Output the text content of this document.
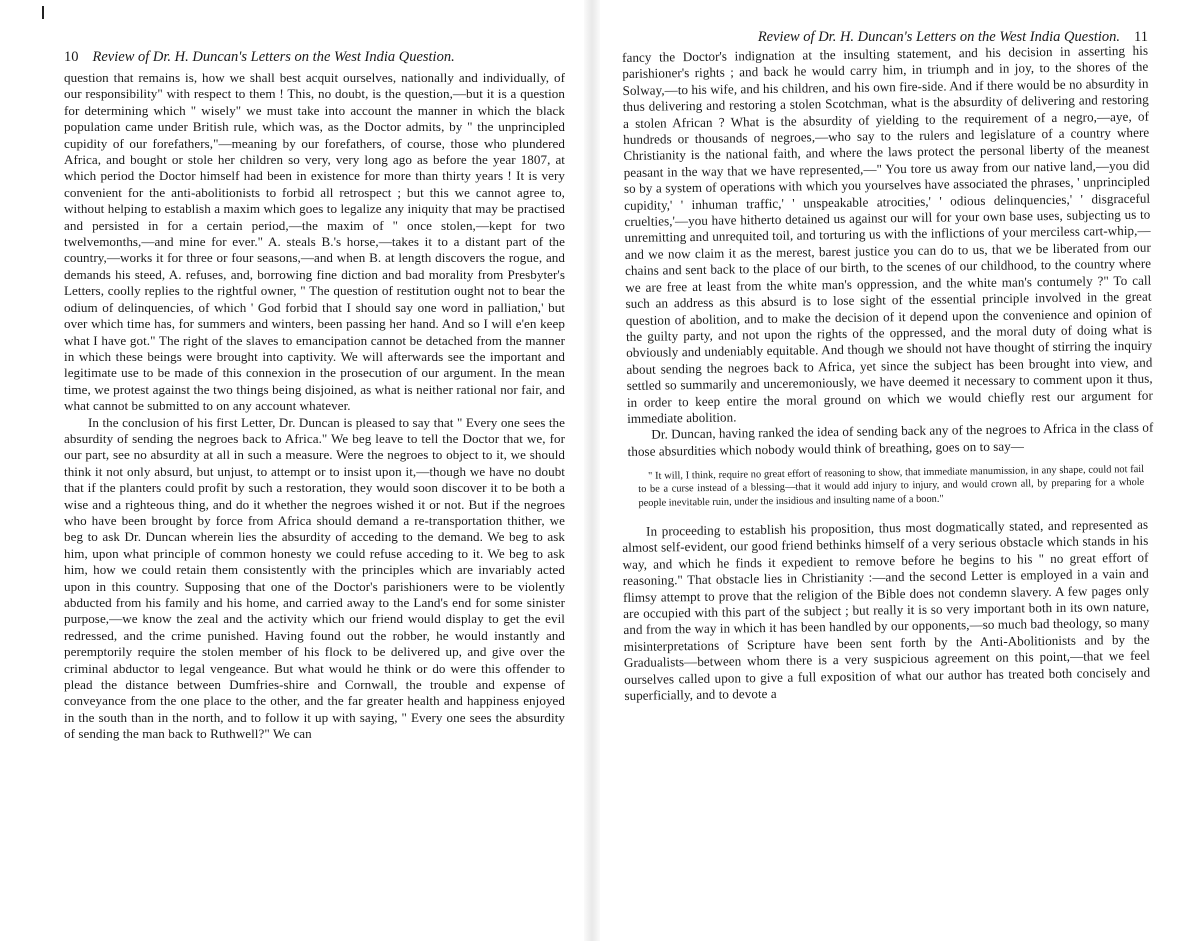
10 Review of Dr. H. Duncan's Letters on the West India Question.

question that remains is, how we shall best acquit ourselves, nationally and individually, of our responsibility" with respect to them ! This, no doubt, is the question,—but it is a question for determining which " wisely" we must take into account the manner in which the black population came under British rule, which was, as the Doctor admits, by " the unprincipled cupidity of our forefathers,"—meaning by our forefathers, of course, those who plundered Africa, and bought or stole her children so very, very long ago as before the year 1807, at which period the Doctor himself had been in existence for more than thirty years ! It is very convenient for the anti-abolitionists to forbid all retrospect ; but this we cannot agree to, without helping to establish a maxim which goes to legalize any iniquity that may be practised and persisted in for a certain period,—the maxim of " once stolen,—kept for two twelvemonths,—and mine for ever." A. steals B.'s horse,—takes it to a distant part of the country,—works it for three or four seasons,—and when B. at length discovers the rogue, and demands his steed, A. refuses, and, borrowing fine diction and bad morality from Presbyter's Letters, coolly replies to the rightful owner, " The question of restitution ought not to bear the odium of delinquencies, of which ' God forbid that I should say one word in palliation,' but over which time has, for summers and winters, been passing her hand. And so I will e'en keep what I have got." The right of the slaves to emancipation cannot be detached from the manner in which these beings were brought into captivity. We will afterwards see the important and legitimate use to be made of this connexion in the prosecution of our argument. In the mean time, we protest against the two things being disjoined, as what is neither rational nor fair, and what cannot be submitted to on any account whatever.

In the conclusion of his first Letter, Dr. Duncan is pleased to say that " Every one sees the absurdity of sending the negroes back to Africa." We beg leave to tell the Doctor that we, for our part, see no absurdity at all in such a measure. Were the negroes to object to it, we should think it not only absurd, but unjust, to attempt or to insist upon it,—though we have no doubt that if the planters could profit by such a restoration, they would soon discover it to be both a wise and a righteous thing, and do it whether the negroes wished it or not. But if the negroes who have been brought by force from Africa should demand a re-transportation thither, we beg to ask Dr. Duncan wherein lies the absurdity of acceding to the demand. We beg to ask him, upon what principle of common honesty we could refuse acceding to it. We beg to ask him, how we could retain them consistently with the principles which are invariably acted upon in this country. Supposing that one of the Doctor's parishioners were to be violently abducted from his family and his home, and carried away to the Land's end for some sinister purpose,—we know the zeal and the activity which our friend would display to get the evil redressed, and the crime punished. Having found out the robber, he would instantly and peremptorily require the stolen member of his flock to be delivered up, and give over the criminal abductor to legal vengeance. But what would he think or do were this offender to plead the distance between Dumfries-shire and Cornwall, the trouble and expense of conveyance from the one place to the other, and the far greater health and happiness enjoyed in the south than in the north, and to follow it up with saying, " Every one sees the absurdity of sending the man back to Ruthwell?" We can

Review of Dr. H. Duncan's Letters on the West India Question. 11

fancy the Doctor's indignation at the insulting statement, and his decision in asserting his parishioner's rights ; and back he would carry him, in triumph and in joy, to the shores of the Solway,—to his wife, and his children, and his own fire-side. And if there would be no absurdity in thus delivering and restoring a stolen Scotchman, what is the absurdity of delivering and restoring a stolen African ? What is the absurdity of yielding to the requirement of a negro,—aye, of hundreds or thousands of negroes,—who say to the rulers and legislature of a country where Christianity is the national faith, and where the laws protect the personal liberty of the meanest peasant in the way that we have represented,—" You tore us away from our native land,—you did so by a system of operations with which you yourselves have associated the phrases, ' unprincipled cupidity,' ' inhuman traffic,' ' unspeakable atrocities,' ' odious delinquencies,' ' disgraceful cruelties,'—you have hitherto detained us against our will for your own base uses, subjecting us to unremitting and unrequited toil, and torturing us with the inflictions of your merciless cart-whip,—and we now claim it as the merest, barest justice you can do to us, that we be liberated from our chains and sent back to the place of our birth, to the scenes of our childhood, to the country where we are free at least from the white man's oppression, and the white man's contumely ?" To call such an address as this absurd is to lose sight of the essential principle involved in the great question of abolition, and to make the decision of it depend upon the convenience and opinion of the guilty party, and not upon the rights of the oppressed, and the moral duty of doing what is obviously and undeniably equitable. And though we should not have thought of stirring the inquiry about sending the negroes back to Africa, yet since the subject has been brought into view, and settled so summarily and unceremoniously, we have deemed it necessary to comment upon it thus, in order to keep entire the moral ground on which we would chiefly rest our argument for immediate abolition.

Dr. Duncan, having ranked the idea of sending back any of the negroes to Africa in the class of those absurdities which nobody would think of breathing, goes on to say—

" It will, I think, require no great effort of reasoning to show, that immediate manumission, in any shape, could not fail to be a curse instead of a blessing—that it would add injury to injury, and would crown all, by preparing for a whole people inevitable ruin, under the insidious and insulting name of a boon."

In proceeding to establish his proposition, thus most dogmatically stated, and represented as almost self-evident, our good friend bethinks himself of a very serious obstacle which stands in his way, and which he finds it expedient to remove before he begins to his " no great effort of reasoning." That obstacle lies in Christianity :—and the second Letter is employed in a vain and flimsy attempt to prove that the religion of the Bible does not condemn slavery. A few pages only are occupied with this part of the subject ; but really it is so very important both in its own nature, and from the way in which it has been handled by our opponents,—so much bad theology, so many misinterpretations of Scripture have been sent forth by the Anti-Abolitionists and by the Gradualists—between whom there is a very suspicious agreement on this point,—that we feel ourselves called upon to give a full exposition of what our author has treated both concisely and superficially, and to devote a
